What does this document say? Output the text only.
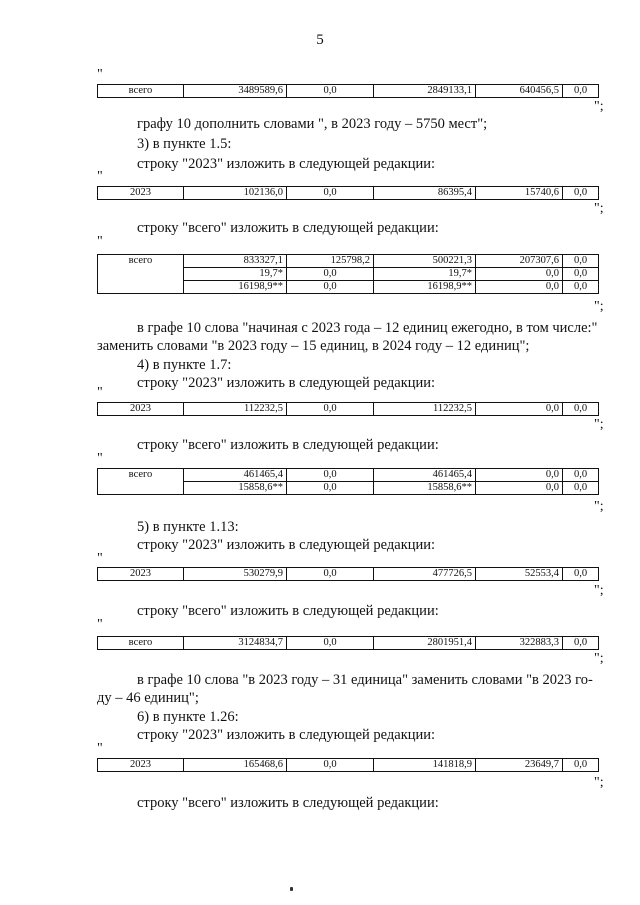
5
"
всего	3489589,6	0,0	2849133,1	640456,5	0,0
";
графу 10 дополнить словами ", в 2023 году – 5750 мест";
3) в пункте 1.5:
строку "2023" изложить в следующей редакции:
"
2023	102136,0	0,0	86395,4	15740,6	0,0
";
строку "всего" изложить в следующей редакции:
"
всего	833327,1	125798,2	500221,3	207307,6	0,0
	19,7*	0,0	19,7*	0,0	0,0
	16198,9**	0,0	16198,9**	0,0	0,0
";
в графе 10 слова "начиная с 2023 года – 12 единиц ежегодно, в том числе:"
заменить словами "в 2023 году – 15 единиц, в 2024 году – 12 единиц";
4) в пункте 1.7:
строку "2023" изложить в следующей редакции:
"
2023	112232,5	0,0	112232,5	0,0	0,0
";
строку "всего" изложить в следующей редакции:
"
всего	461465,4	0,0	461465,4	0,0	0,0
	15858,6**	0,0	15858,6**	0,0	0,0
";
5) в пункте 1.13:
строку "2023" изложить в следующей редакции:
"
2023	530279,9	0,0	477726,5	52553,4	0,0
";
строку "всего" изложить в следующей редакции:
"
всего	3124834,7	0,0	2801951,4	322883,3	0,0
";
в графе 10 слова "в 2023 году – 31 единица" заменить словами "в 2023 го-
ду – 46 единиц";
6) в пункте 1.26:
строку "2023" изложить в следующей редакции:
"
2023	165468,6	0,0	141818,9	23649,7	0,0
";
строку "всего" изложить в следующей редакции:
